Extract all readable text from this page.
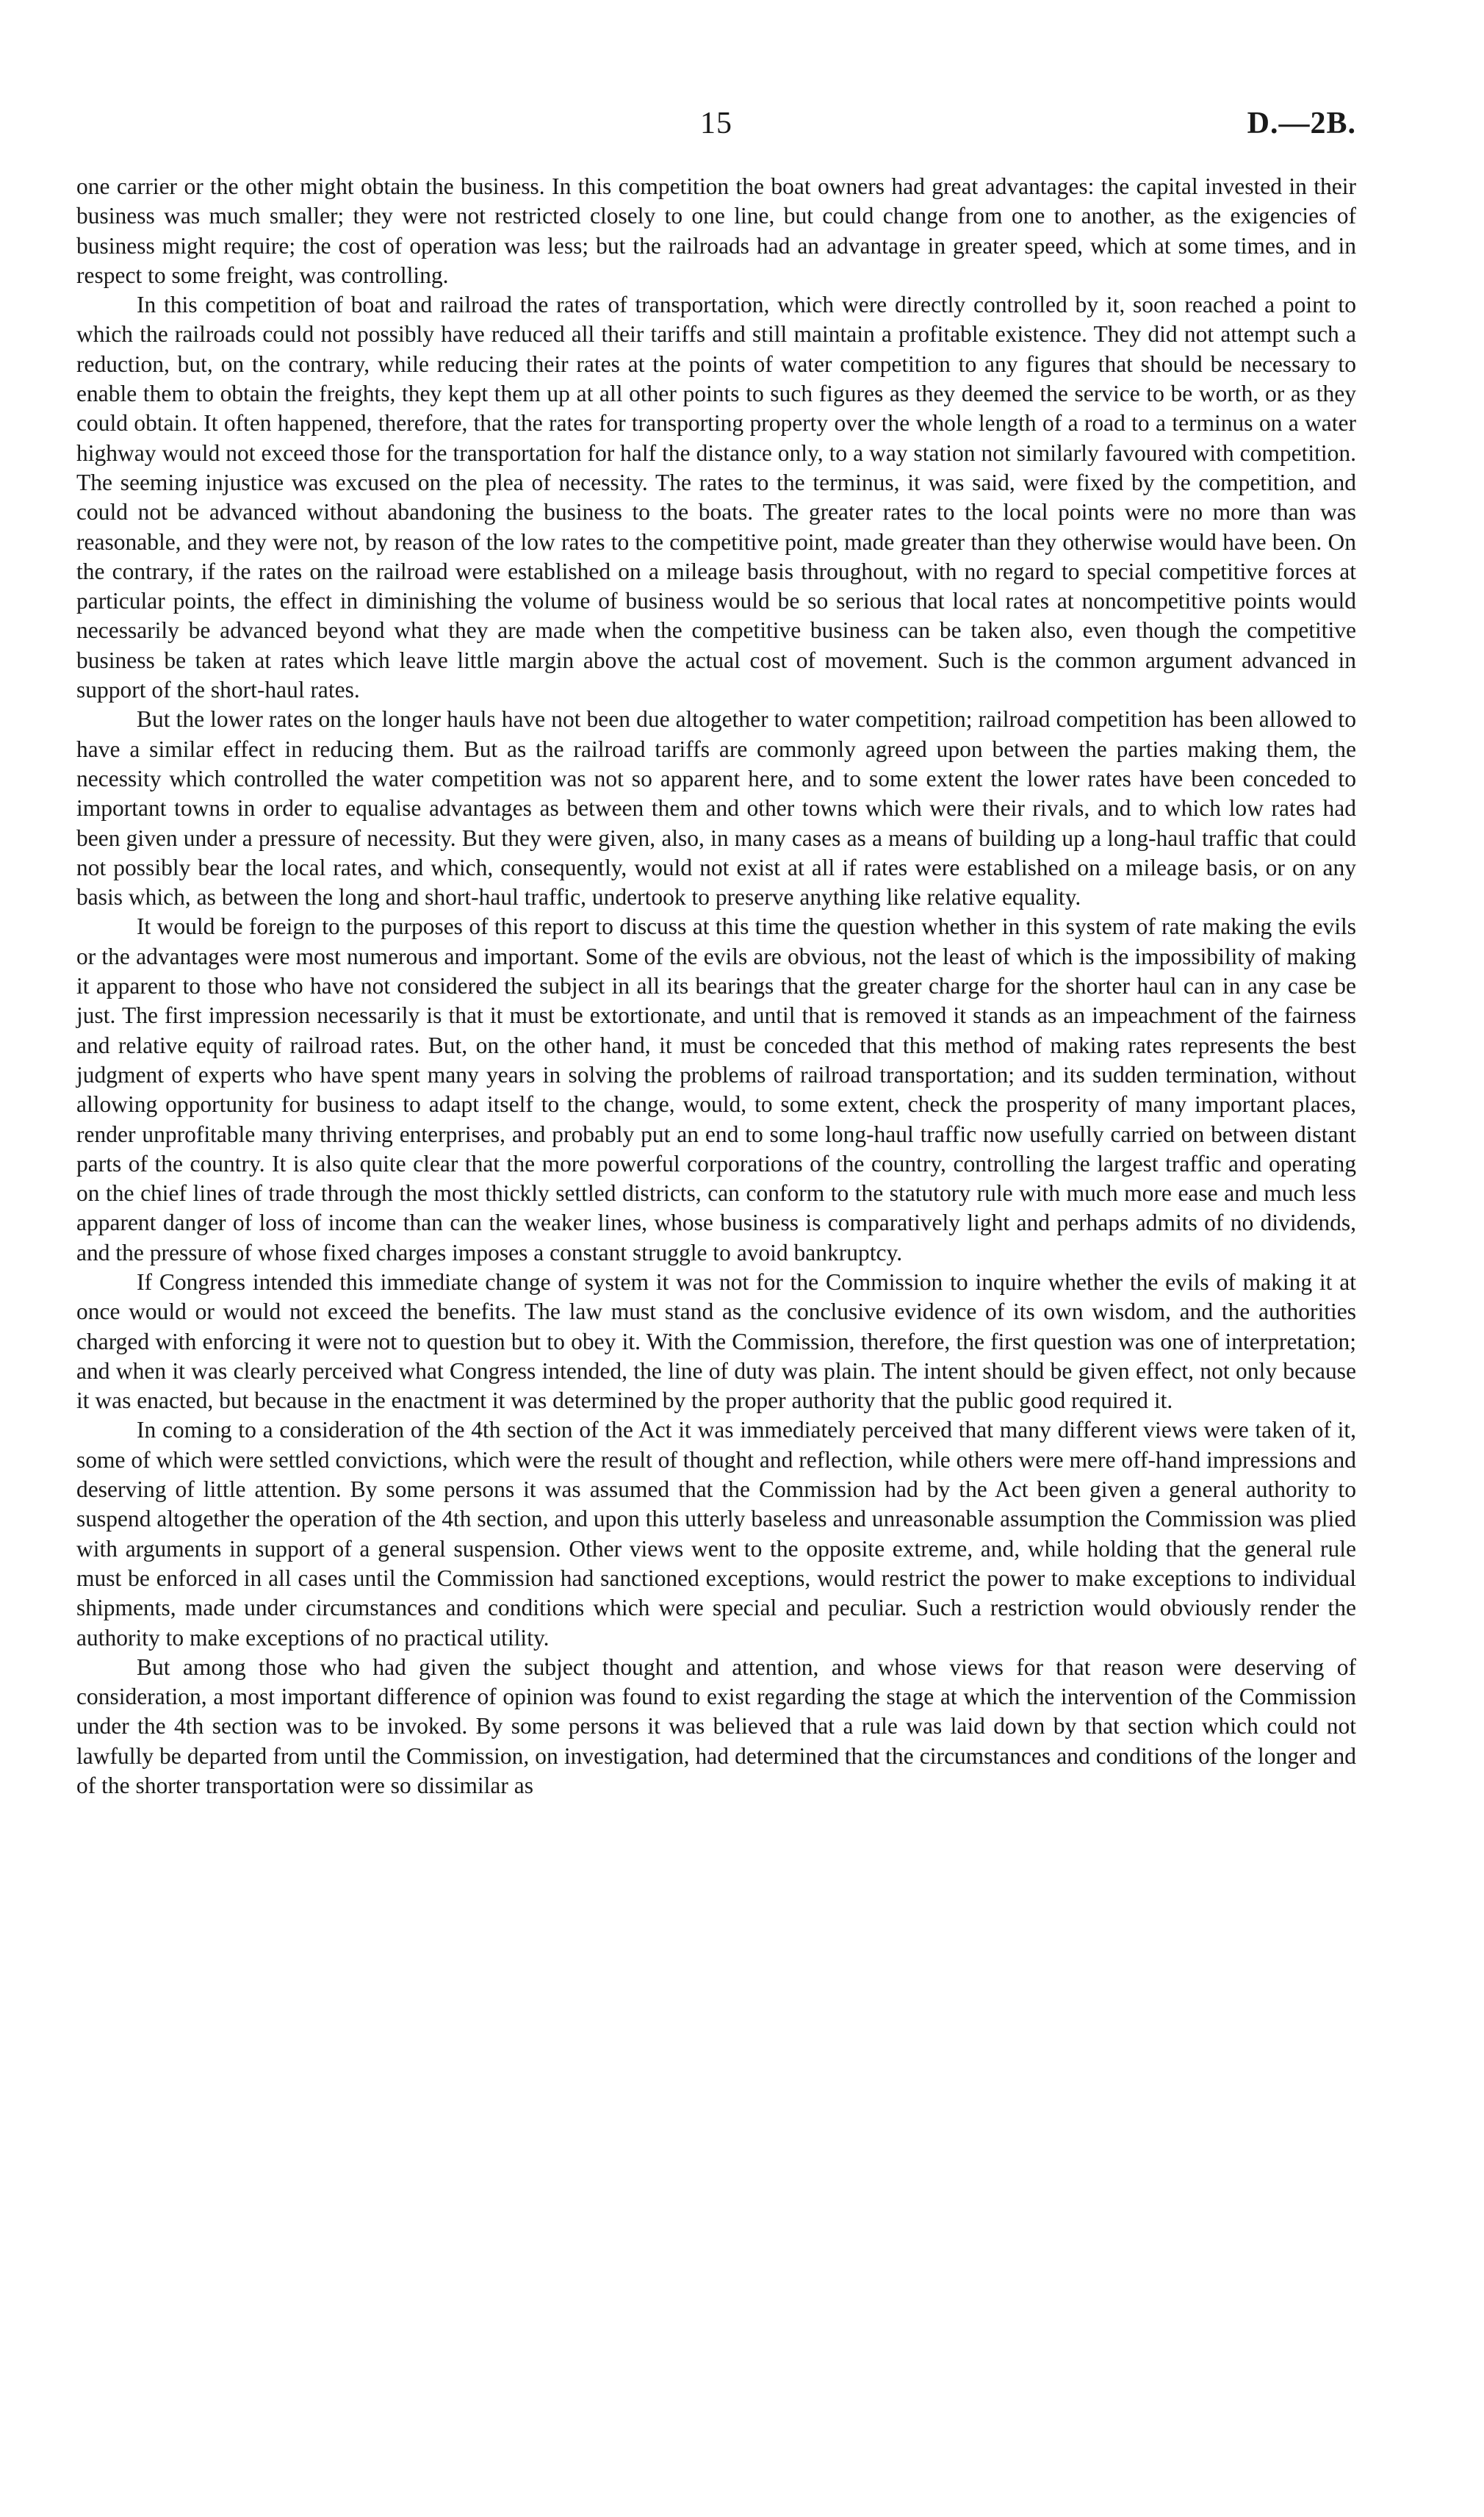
15	D.—2B.

one carrier or the other might obtain the business. In this competition the boat owners had great advantages: the capital invested in their business was much smaller; they were not restricted closely to one line, but could change from one to another, as the exigencies of business might require; the cost of operation was less; but the railroads had an advantage in greater speed, which at some times, and in respect to some freight, was controlling.

In this competition of boat and railroad the rates of transportation, which were directly controlled by it, soon reached a point to which the railroads could not possibly have reduced all their tariffs and still maintain a profitable existence. They did not attempt such a reduction, but, on the contrary, while reducing their rates at the points of water competition to any figures that should be necessary to enable them to obtain the freights, they kept them up at all other points to such figures as they deemed the service to be worth, or as they could obtain. It often happened, therefore, that the rates for transporting property over the whole length of a road to a terminus on a water highway would not exceed those for the transportation for half the distance only, to a way station not similarly favoured with competition. The seeming injustice was excused on the plea of necessity. The rates to the terminus, it was said, were fixed by the competition, and could not be advanced without abandoning the business to the boats. The greater rates to the local points were no more than was reasonable, and they were not, by reason of the low rates to the competitive point, made greater than they otherwise would have been. On the contrary, if the rates on the railroad were established on a mileage basis throughout, with no regard to special competitive forces at particular points, the effect in diminishing the volume of business would be so serious that local rates at noncompetitive points would necessarily be advanced beyond what they are made when the competitive business can be taken also, even though the competitive business be taken at rates which leave little margin above the actual cost of movement. Such is the common argument advanced in support of the short-haul rates.

But the lower rates on the longer hauls have not been due altogether to water competition; railroad competition has been allowed to have a similar effect in reducing them. But as the railroad tariffs are commonly agreed upon between the parties making them, the necessity which controlled the water competition was not so apparent here, and to some extent the lower rates have been conceded to important towns in order to equalise advantages as between them and other towns which were their rivals, and to which low rates had been given under a pressure of necessity. But they were given, also, in many cases as a means of building up a long-haul traffic that could not possibly bear the local rates, and which, consequently, would not exist at all if rates were established on a mileage basis, or on any basis which, as between the long and short-haul traffic, undertook to preserve anything like relative equality.

It would be foreign to the purposes of this report to discuss at this time the question whether in this system of rate making the evils or the advantages were most numerous and important. Some of the evils are obvious, not the least of which is the impossibility of making it apparent to those who have not considered the subject in all its bearings that the greater charge for the shorter haul can in any case be just. The first impression necessarily is that it must be extortionate, and until that is removed it stands as an impeachment of the fairness and relative equity of railroad rates. But, on the other hand, it must be conceded that this method of making rates represents the best judgment of experts who have spent many years in solving the problems of railroad transportation; and its sudden termination, without allowing opportunity for business to adapt itself to the change, would, to some extent, check the prosperity of many important places, render unprofitable many thriving enterprises, and probably put an end to some long-haul traffic now usefully carried on between distant parts of the country. It is also quite clear that the more powerful corporations of the country, controlling the largest traffic and operating on the chief lines of trade through the most thickly settled districts, can conform to the statutory rule with much more ease and much less apparent danger of loss of income than can the weaker lines, whose business is comparatively light and perhaps admits of no dividends, and the pressure of whose fixed charges imposes a constant struggle to avoid bankruptcy.

If Congress intended this immediate change of system it was not for the Commission to inquire whether the evils of making it at once would or would not exceed the benefits. The law must stand as the conclusive evidence of its own wisdom, and the authorities charged with enforcing it were not to question but to obey it. With the Commission, therefore, the first question was one of interpretation; and when it was clearly perceived what Congress intended, the line of duty was plain. The intent should be given effect, not only because it was enacted, but because in the enactment it was determined by the proper authority that the public good required it.

In coming to a consideration of the 4th section of the Act it was immediately perceived that many different views were taken of it, some of which were settled convictions, which were the result of thought and reflection, while others were mere off-hand impressions and deserving of little attention. By some persons it was assumed that the Commission had by the Act been given a general authority to suspend altogether the operation of the 4th section, and upon this utterly baseless and unreasonable assumption the Commission was plied with arguments in support of a general suspension. Other views went to the opposite extreme, and, while holding that the general rule must be enforced in all cases until the Commission had sanctioned exceptions, would restrict the power to make exceptions to individual shipments, made under circumstances and conditions which were special and peculiar. Such a restriction would obviously render the authority to make exceptions of no practical utility.

But among those who had given the subject thought and attention, and whose views for that reason were deserving of consideration, a most important difference of opinion was found to exist regarding the stage at which the intervention of the Commission under the 4th section was to be invoked. By some persons it was believed that a rule was laid down by that section which could not lawfully be departed from until the Commission, on investigation, had determined that the circumstances and conditions of the longer and of the shorter transportation were so dissimilar as
